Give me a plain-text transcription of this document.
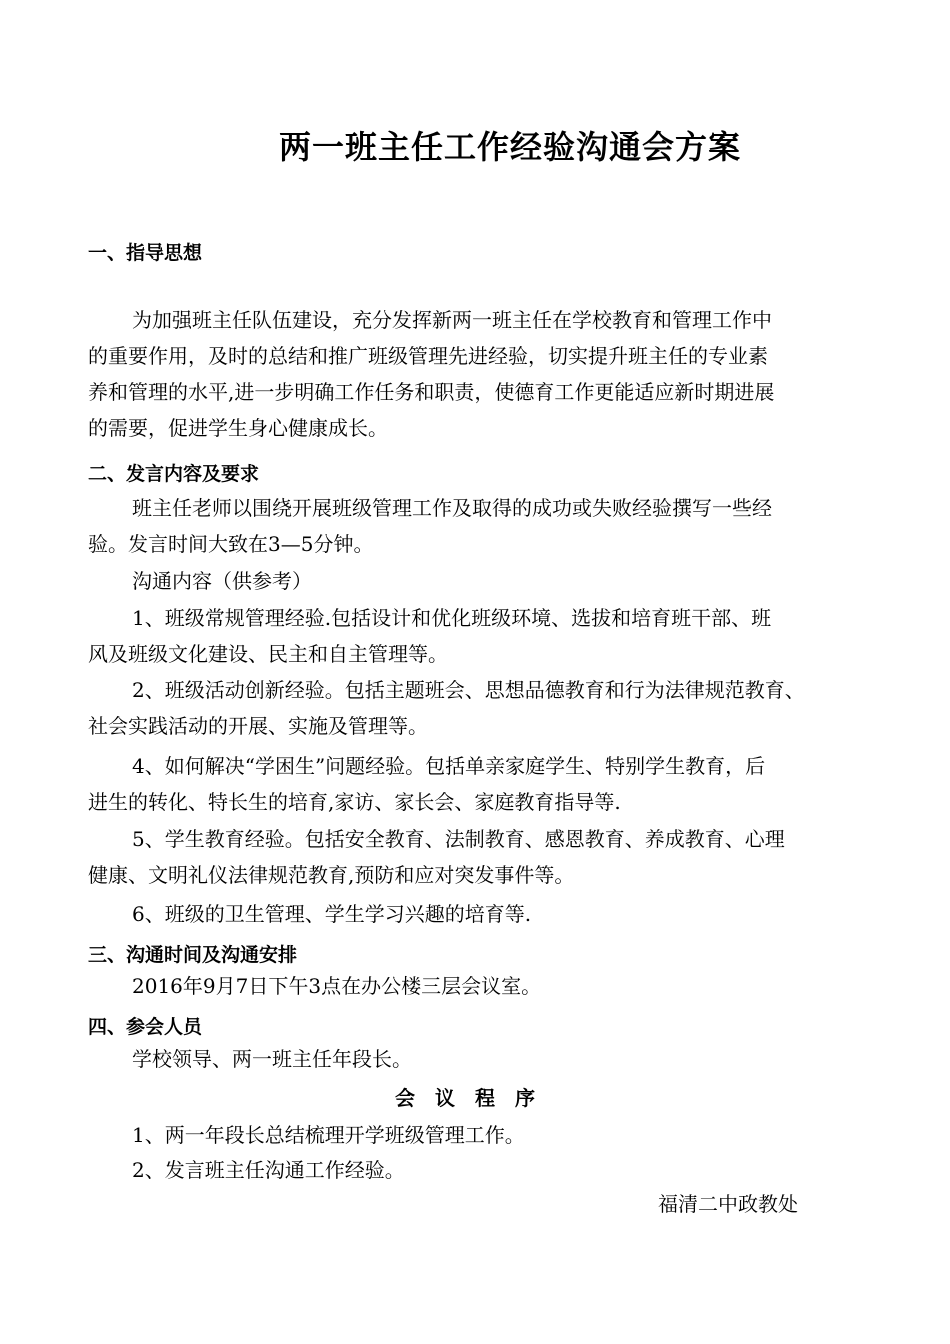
两一班主任工作经验沟通会方案
一、指导思想
为加强班主任队伍建设，充分发挥新两一班主任在学校教育和管理工作中
的重要作用，及时的总结和推广班级管理先进经验，切实提升班主任的专业素
养和管理的水平,进一步明确工作任务和职责，使德育工作更能适应新时期进展
的需要，促进学生身心健康成长。
二、发言内容及要求
班主任老师以围绕开展班级管理工作及取得的成功或失败经验撰写一些经
验。发言时间大致在3—5分钟。
沟通内容（供参考）
1、班级常规管理经验.包括设计和优化班级环境、选拔和培育班干部、班
风及班级文化建设、民主和自主管理等。
2、班级活动创新经验。包括主题班会、思想品德教育和行为法律规范教育、
社会实践活动的开展、实施及管理等。
4、如何解决“学困生”问题经验。包括单亲家庭学生、特别学生教育，后
进生的转化、特长生的培育,家访、家长会、家庭教育指导等.
5、学生教育经验。包括安全教育、法制教育、感恩教育、养成教育、心理
健康、文明礼仪法律规范教育,预防和应对突发事件等。
6、班级的卫生管理、学生学习兴趣的培育等.
三、沟通时间及沟通安排
2016年9月7日下午3点在办公楼三层会议室。
四、参会人员
学校领导、两一班主任年段长。
会议程序
1、两一年段长总结梳理开学班级管理工作。
2、发言班主任沟通工作经验。
福清二中政教处
